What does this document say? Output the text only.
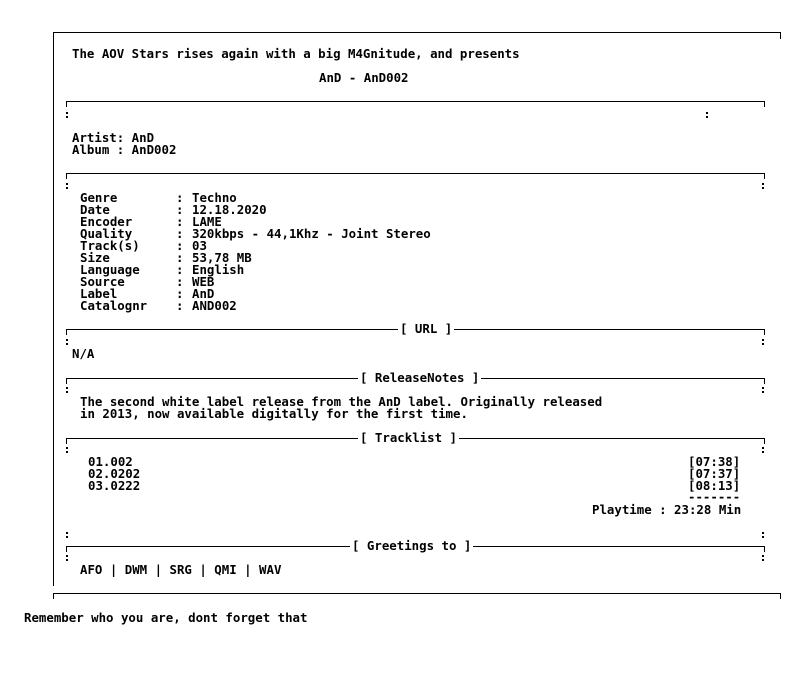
The AOV Stars rises again with a big M4Gnitude, and presents
AnD - AnD002
Artist: AnD
Album : AnD002
Genre	: Techno
Date	: 12.18.2020
Encoder	: LAME
Quality	: 320kbps - 44,1Khz - Joint Stereo
Track(s)	: 03
Size	: 53,78 MB
Language	: English
Source	: WEB
Label	: AnD
Catalognr : AND002
[ URL ]
N/A
[ ReleaseNotes ]
The second white label release from the AnD label. Originally released
in 2013, now available digitally for the first time.
[ Tracklist ]
01.002	[07:38]
02.0202	[07:37]
03.0222	[08:13]
-------
Playtime : 23:28 Min
[ Greetings to ]
AFO | DWM | SRG | QMI | WAV
Remember who you are, dont forget that
